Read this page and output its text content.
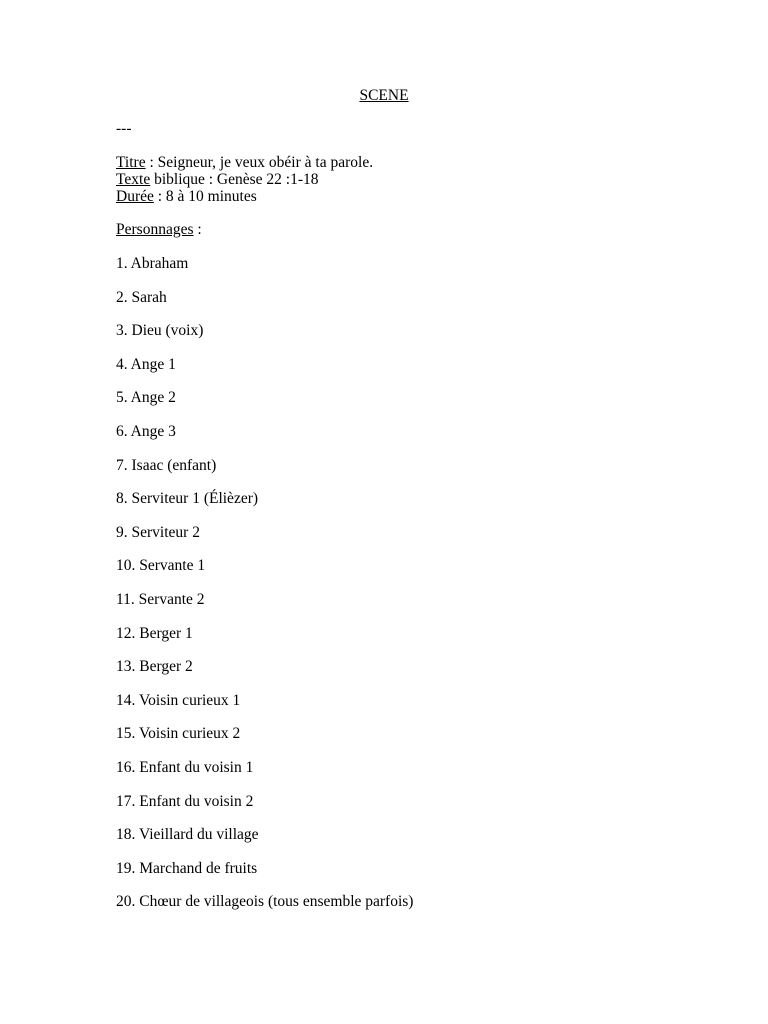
SCENE
---
Titre : Seigneur, je veux obéir à ta parole.
Texte biblique : Genèse 22 :1-18
Durée : 8 à 10 minutes
Personnages :
1. Abraham
2. Sarah
3. Dieu (voix)
4. Ange 1
5. Ange 2
6. Ange 3
7. Isaac (enfant)
8. Serviteur 1 (Élièzer)
9. Serviteur 2
10. Servante 1
11. Servante 2
12. Berger 1
13. Berger 2
14. Voisin curieux 1
15. Voisin curieux 2
16. Enfant du voisin 1
17. Enfant du voisin 2
18. Vieillard du village
19. Marchand de fruits
20. Chœur de villageois (tous ensemble parfois)
